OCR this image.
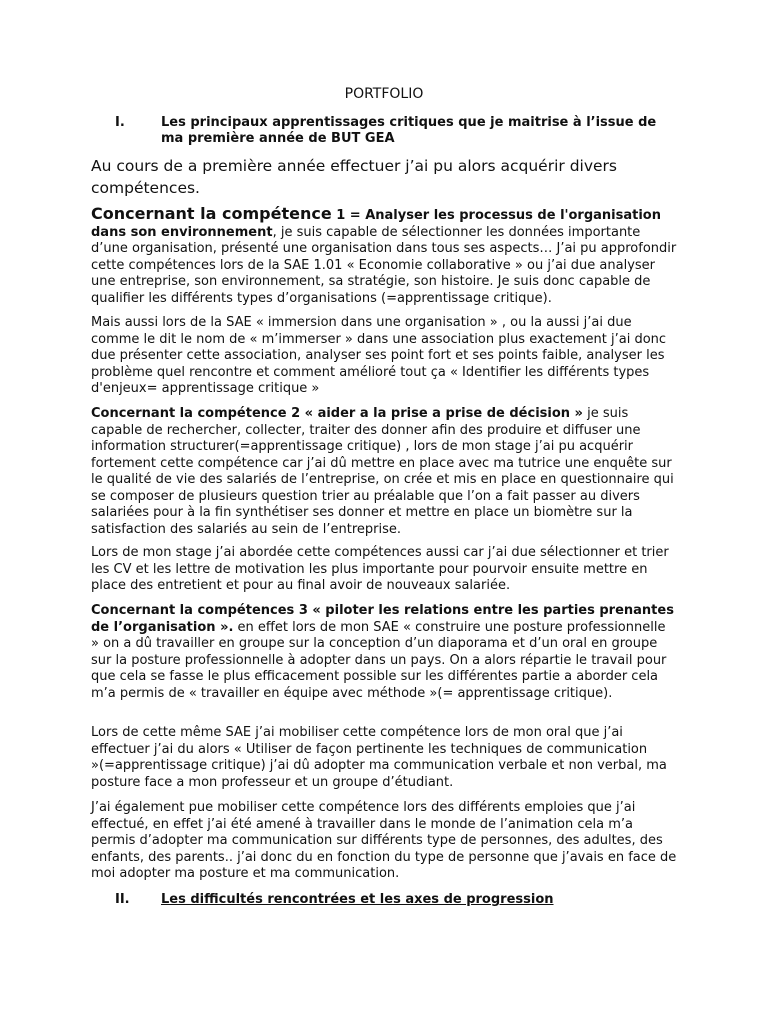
PORTFOLIO
I.	Les principaux apprentissages critiques que je maitrise à l’issue de ma première année de BUT GEA
Au cours de a première année effectuer j’ai pu alors acquérir divers compétences.
Concernant la compétence 1 = Analyser les processus de l'organisation dans son environnement, je suis capable de sélectionner les données importante d’une organisation, présenté une organisation dans tous ses aspects… J’ai pu approfondir cette compétences lors de la SAE 1.01 « Economie collaborative » ou j’ai due analyser une entreprise, son environnement, sa stratégie, son histoire. Je suis donc capable de qualifier les différents types d’organisations (=apprentissage critique).
Mais aussi lors de la SAE « immersion dans une organisation » , ou la aussi j’ai due comme le dit le nom de « m’immerser » dans une association plus exactement j’ai donc due présenter cette association, analyser ses point fort et ses points faible, analyser les problème quel rencontre et comment amélioré tout ça « Identifier les différents types d'enjeux= apprentissage critique »
Concernant la compétence 2 « aider a la prise a prise de décision » je suis capable de rechercher, collecter, traiter des donner afin des produire et diffuser une information structurer(=apprentissage critique) , lors de mon stage j’ai pu acquérir fortement cette compétence car j’ai dû mettre en place avec ma tutrice une enquête sur le qualité de vie des salariés de l’entreprise, on crée et mis en place en questionnaire qui se composer de plusieurs question trier au préalable que l’on a fait passer au divers salariées pour à la fin synthétiser ses donner et mettre en place un biomètre sur la satisfaction des salariés au sein de l’entreprise.
Lors de mon stage j’ai abordée cette compétences aussi car j’ai due sélectionner et trier les CV et les lettre de motivation les plus importante pour pourvoir ensuite mettre en place des entretient et pour au final avoir de nouveaux salariée.
Concernant la compétences 3 « piloter les relations entre les parties prenantes de l’organisation ». en effet lors de mon SAE « construire une posture professionnelle » on a dû travailler en groupe sur la conception d’un diaporama et d’un oral en groupe sur la posture professionnelle à adopter dans un pays. On a alors répartie le travail pour que cela se fasse le plus efficacement possible sur les différentes partie a aborder cela m’a permis de « travailler en équipe avec méthode »(= apprentissage critique).
Lors de cette même SAE j’ai mobiliser cette compétence lors de mon oral que j’ai effectuer j’ai du alors « Utiliser de façon pertinente les techniques de communication »(=apprentissage critique) j’ai dû adopter ma communication verbale et non verbal, ma posture face a mon professeur et un groupe d’étudiant.
J’ai également pue mobiliser cette compétence lors des différents emploies que j’ai effectué, en effet j’ai été amené à travailler dans le monde de l’animation cela m’a permis d’adopter ma communication sur différents type de personnes, des adultes, des enfants, des parents.. j’ai donc du en fonction du type de personne que j’avais en face de moi adopter ma posture et ma communication.
II. Les difficultés rencontrées et les axes de progression
